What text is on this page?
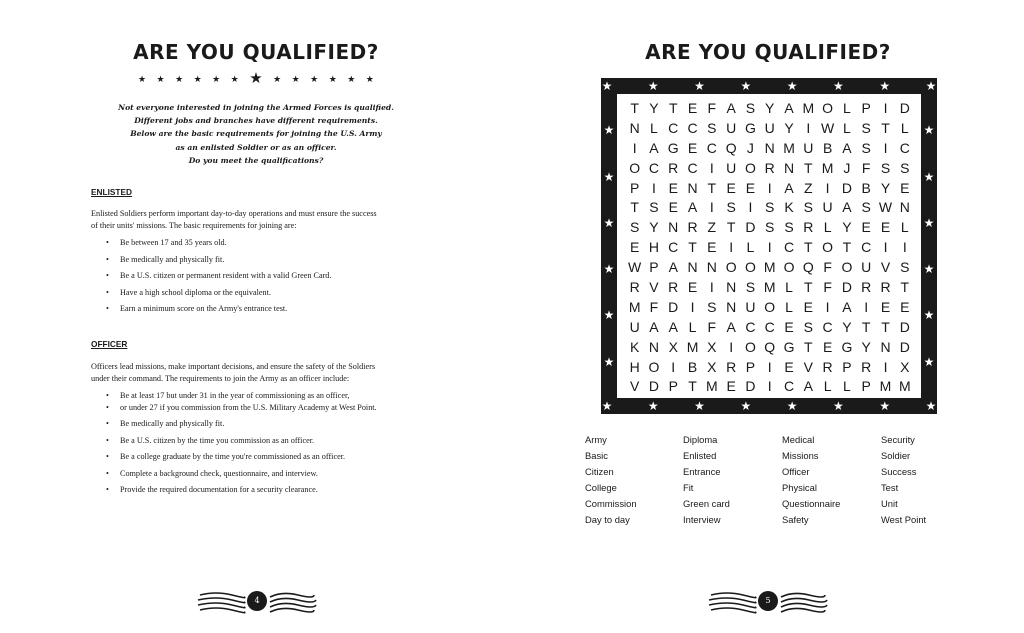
ARE YOU QUALIFIED?
★ ★ ★ ★ ★ ★ ★ ★ ★ ★ ★ ★ ★
Not everyone interested in joining the Armed Forces is qualified.
Different jobs and branches have different requirements.
Below are the basic requirements for joining the U.S. Army
as an enlisted Soldier or as an officer.
Do you meet the qualifications?
ENLISTED
Enlisted Soldiers perform important day-to-day operations and must ensure the success
of their units' missions. The basic requirements for joining are:
• Be between 17 and 35 years old.
• Be medically and physically fit.
• Be a U.S. citizen or permanent resident with a valid Green Card.
• Have a high school diploma or the equivalent.
• Earn a minimum score on the Army's entrance test.
OFFICER
Officers lead missions, make important decisions, and ensure the safety of the Soldiers
under their command. The requirements to join the Army as an officer include:
• Be at least 17 but under 31 in the year of commissioning as an officer,
• or under 27 if you commission from the U.S. Military Academy at West Point.
• Be medically and physically fit.
• Be a U.S. citizen by the time you commission as an officer.
• Be a college graduate by the time you're commissioned as an officer.
• Complete a background check, questionnaire, and interview.
• Provide the required documentation for a security clearance.
4
ARE YOU QUALIFIED?
T Y T E F A S Y A M O L P I D
N L C C S U G U Y I W L S T L
I A G E C Q J N M U B A S I C
O C R C I U O R N T M J F S S
P I E N T E E I A Z I D B Y E
T S E A I S I S K S U A S W N
S Y N R Z T D S S R L Y E E L
E H C T E I L I C T O T C I	I
W P A N N O O M O Q F O U V S
R V R E I N S M L T F D R R T
M F D I S N U O L E I A I E E
U A A L F A C C E S C Y T T D
K N X M X I O Q G T E G Y N D
H O I B X R P I E V R P R I X
V D P T M E D I C A L L P M M
★
★
★
★
★
★
★
★
★
★
★
★
★
★
★
★
★	★
★	★
★	★
★	★
★	★
★	★
Army	Diploma	Medical	Security
Basic	Enlisted	Missions	Soldier
Citizen	Entrance	Officer	Success
College	Fit	Physical	Test
Commission	Green card	Questionnaire	Unit
Day to day	Interview	Safety	West Point
5
